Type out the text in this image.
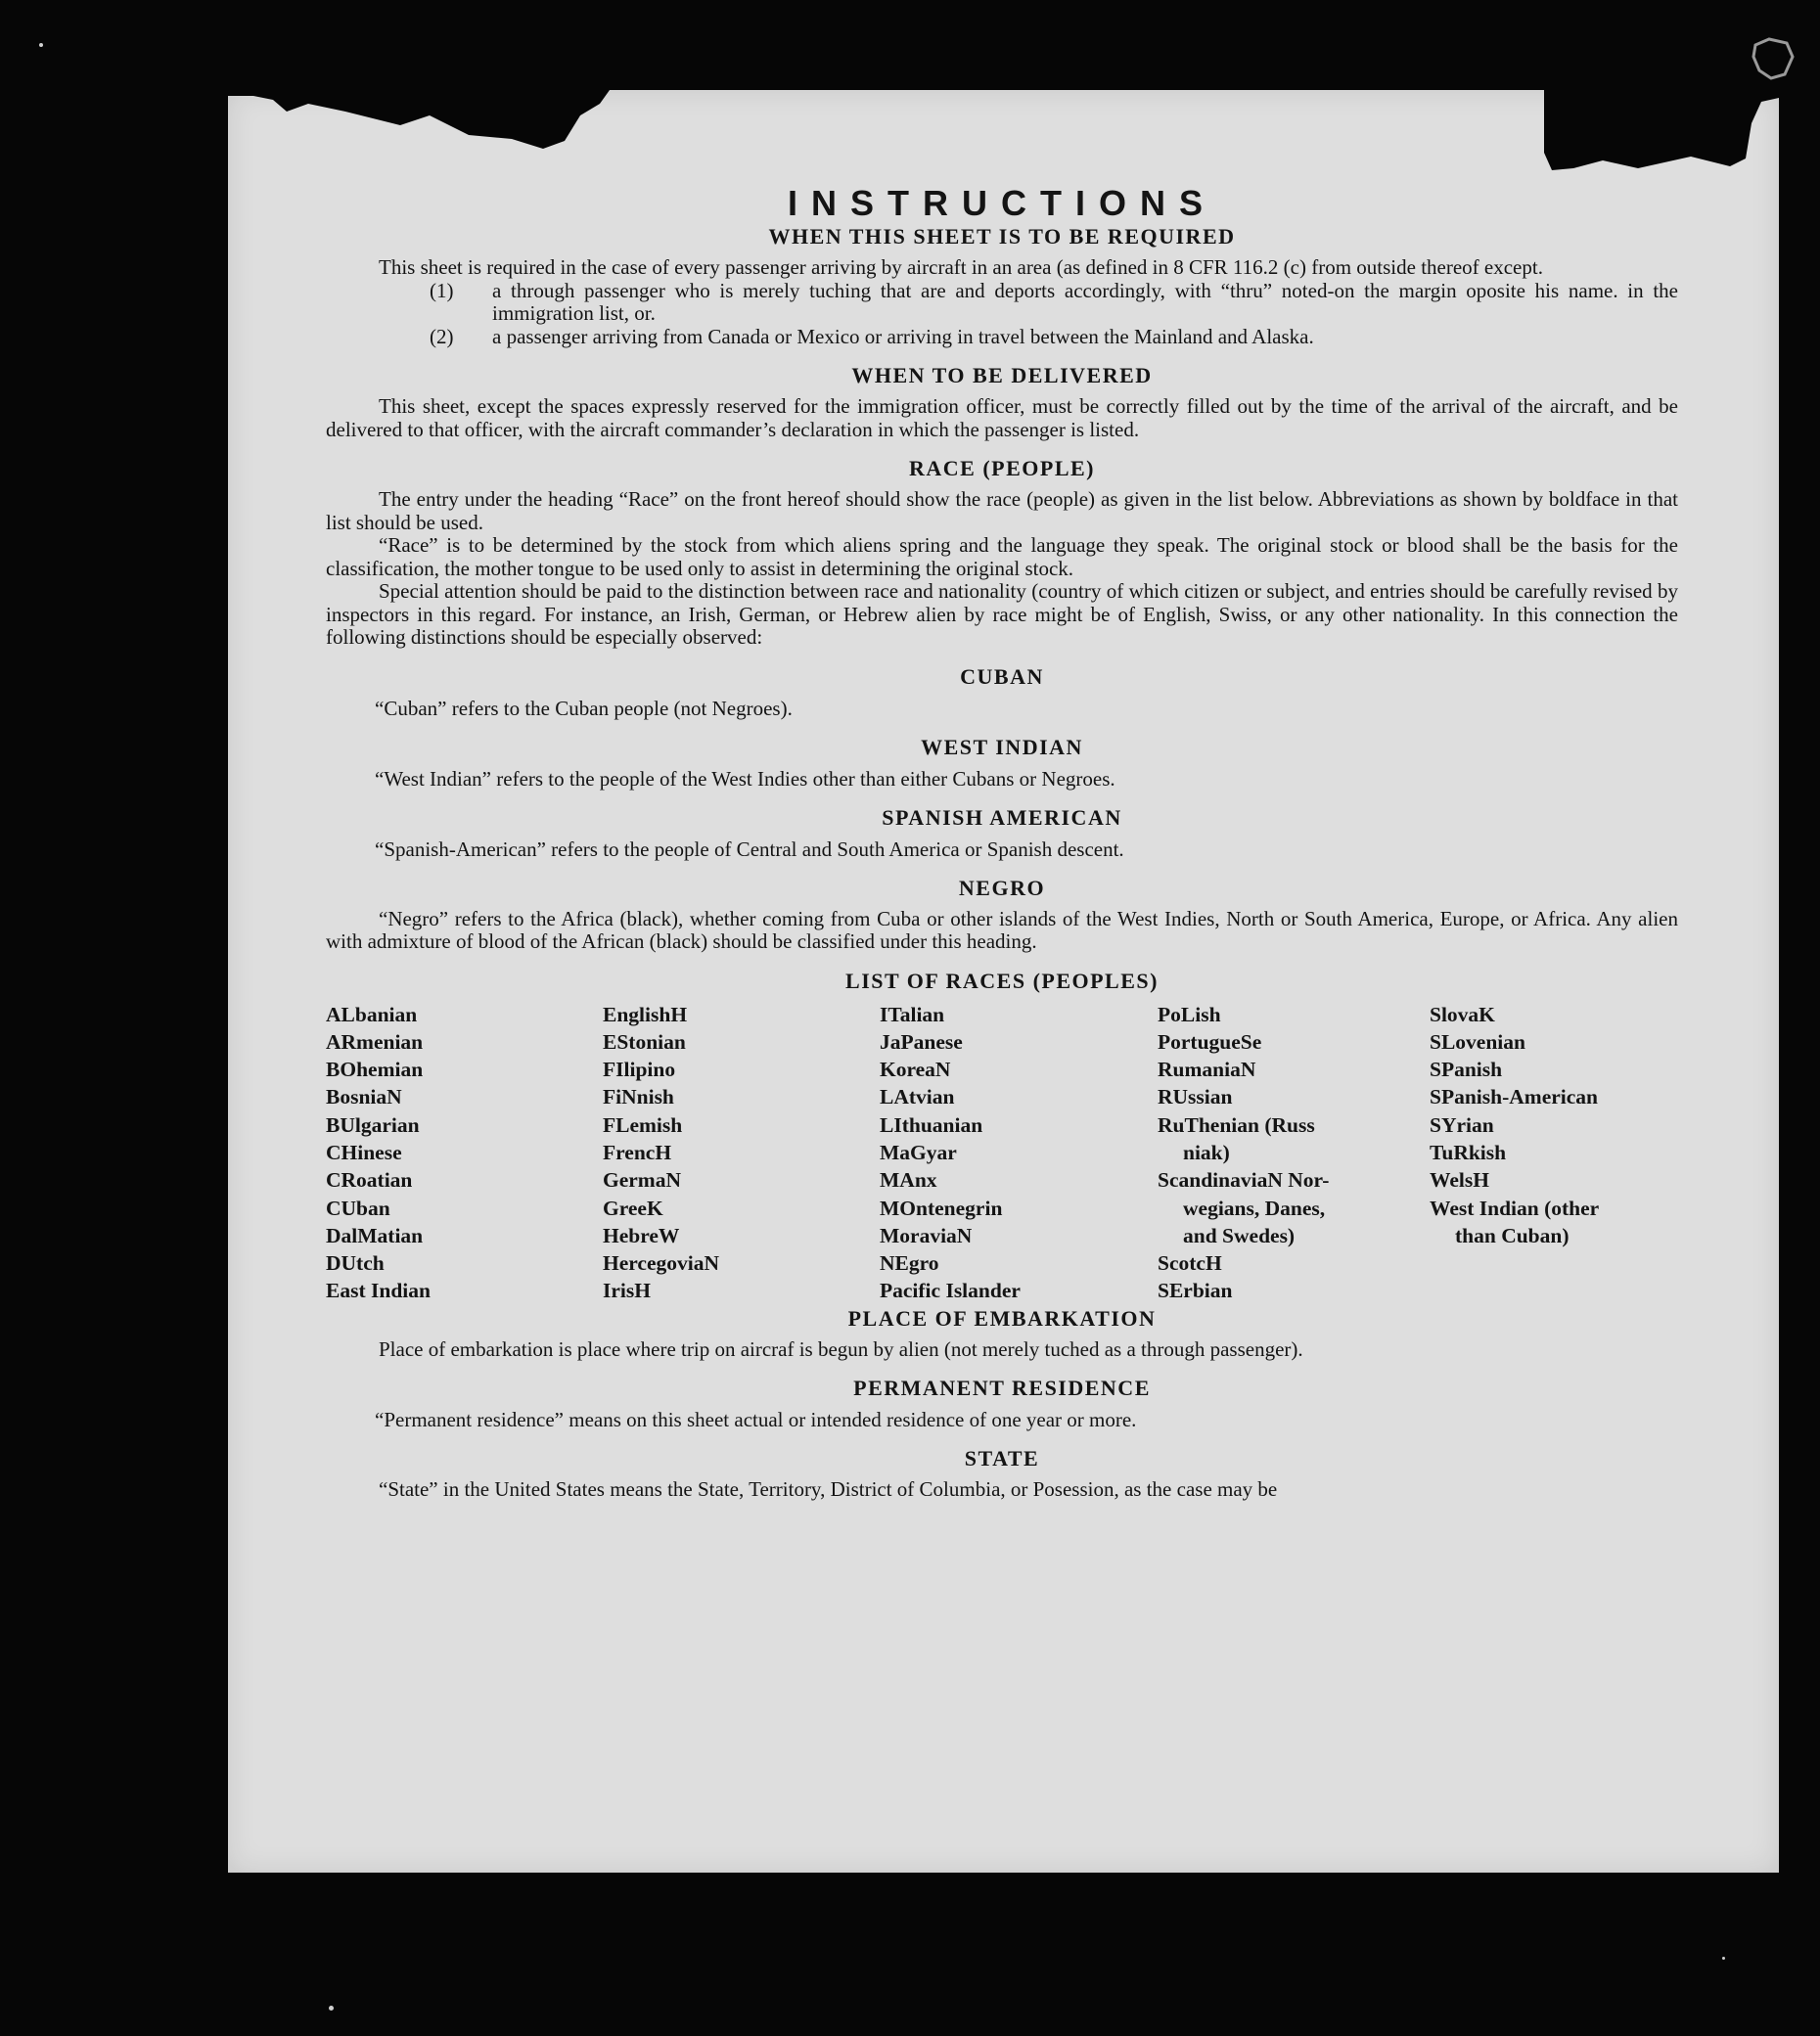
INSTRUCTIONS
WHEN THIS SHEET IS TO BE REQUIRED

This sheet is required in the case of every passenger arriving by aircraft in an area (as defined in 8 CFR 116.2 (c) from outside thereof except.

(1) a through passenger who is merely tuching that are and deports accordingly, with “thru” noted-on the margin oposite his name. in the immigration list, or.
(2) a passenger arriving from Canada or Mexico or arriving in travel between the Mainland and Alaska.
WHEN TO BE DELIVERED

This sheet, except the spaces expressly reserved for the immigration officer, must be correctly filled out by the time of the arrival of the aircraft, and be delivered to that officer, with the aircraft commander’s declaration in which the passenger is listed.

RACE (PEOPLE)

The entry under the heading “Race” on the front hereof should show the race (people) as given in the list below. Abbreviations as shown by boldface in that list should be used.

“Race” is to be determined by the stock from which aliens spring and the language they speak. The original stock or blood shall be the basis for the classification, the mother tongue to be used only to assist in determining the original stock.

Special attention should be paid to the distinction between race and nationality (country of which citizen or subject, and entries should be carefully revised by inspectors in this regard. For instance, an Irish, German, or Hebrew alien by race might be of English, Swiss, or any other nationality. In this connection the following distinctions should be especially observed:

CUBAN

“Cuban” refers to the Cuban people (not Negroes).

WEST INDIAN

“West Indian” refers to the people of the West Indies other than either Cubans or Negroes.

SPANISH AMERICAN

“Spanish-American” refers to the people of Central and South America or Spanish descent.

NEGRO

“Negro” refers to the Africa (black), whether coming from Cuba or other islands of the West Indies, North or South America, Europe, or Africa. Any alien with admixture of blood of the African (black) should be classified under this heading.

LIST OF RACES (PEOPLES)
ALbanian
ARmenian
BOhemian
BosniaN
BUlgarian
CHinese
CRoatian
CUban
DalMatian
DUtch
East Indian
EnglishH
EStonian
FIlipino
FiNnish
FLemish
FrencH
GermaN
GreeK
HebreW
HercegoviaN
IrisH
ITalian
JaPanese
KoreaN
LAtvian
LIthuanian
MaGyar
MAnx
MOntenegrin
MoraviaN
NEgro
Pacific Islander
PoLish
PortugueSe
RumaniaN
RUssian
RuThenian (Russ
niak)
ScandinaviaN Nor-
wegians, Danes,
and Swedes)
ScotcH
SErbian
SlovaK
SLovenian
SPanish
SPanish-American
SYrian
TuRkish
WelsH
West Indian (other
than Cuban)
PLACE OF EMBARKATION

Place of embarkation is place where trip on aircraf is begun by alien (not merely tuched as a through passenger).

PERMANENT RESIDENCE

“Permanent residence” means on this sheet actual or intended residence of one year or more.

STATE

“State” in the United States means the State, Territory, District of Columbia, or Posession, as the case may be
